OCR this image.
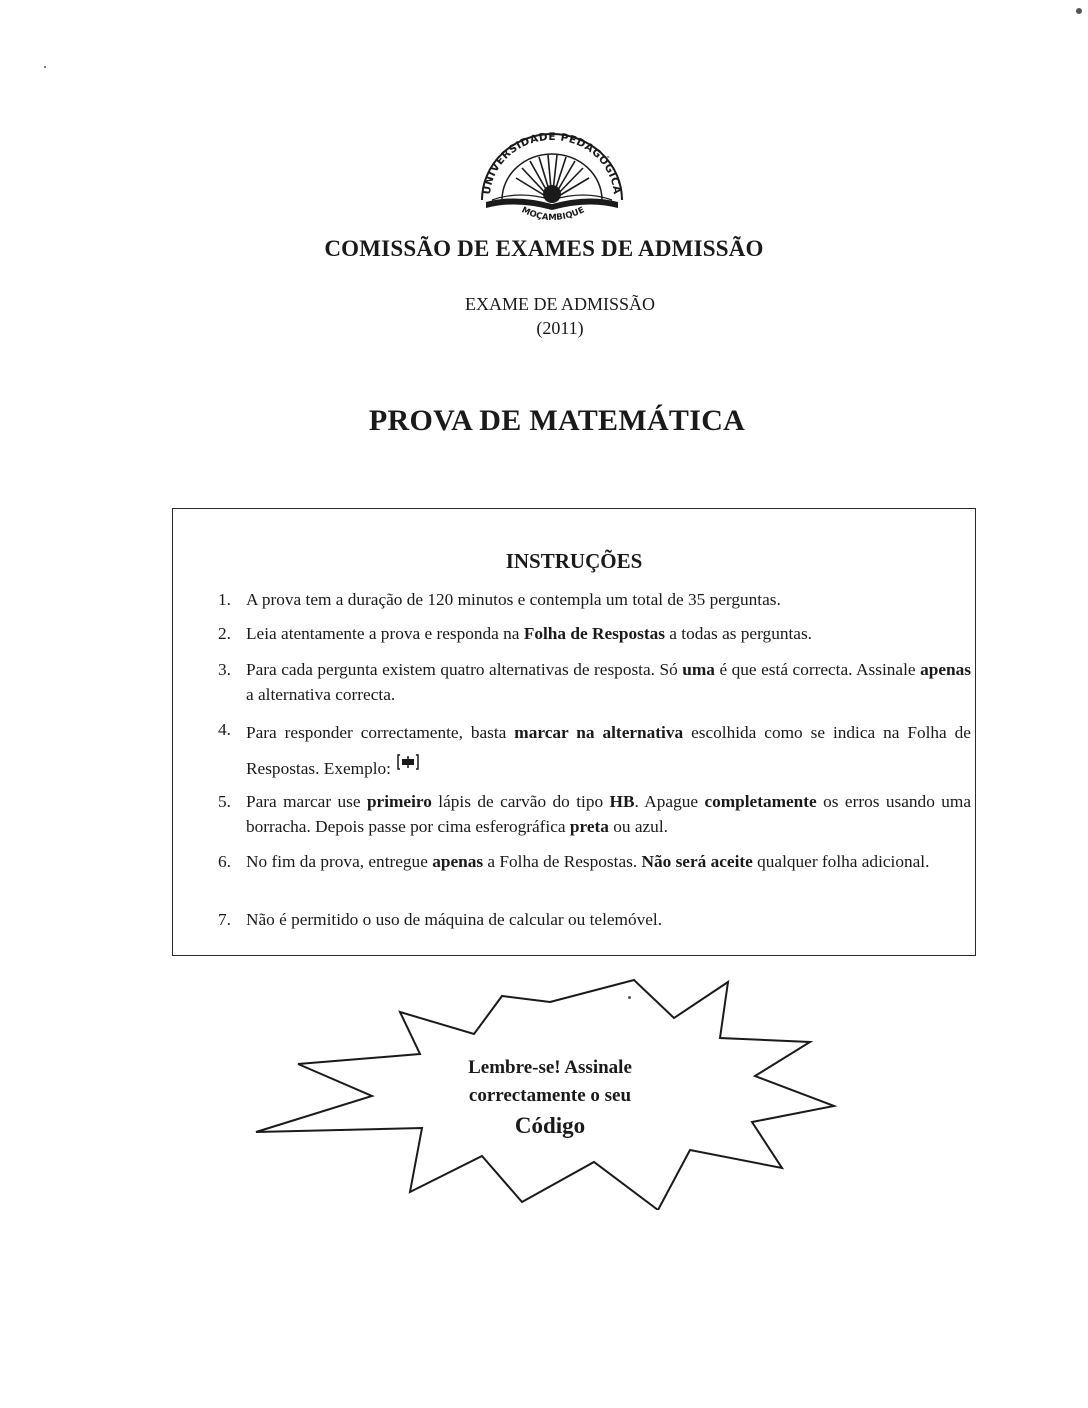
UNIVERSIDADE PEDAGÓGICA
MOÇAMBIQUE
COMISSÃO DE EXAMES DE ADMISSÃO
EXAME DE ADMISSÃO
(2011)
PROVA DE MATEMÁTICA
INSTRUÇÕES
1. A prova tem a duração de 120 minutos e contempla um total de 35 perguntas.
2. Leia atentamente a prova e responda na Folha de Respostas a todas as perguntas.
3. Para cada pergunta existem quatro alternativas de resposta. Só uma é que está correcta. Assinale apenas a alternativa correcta.
4. Para responder correctamente, basta marcar na alternativa escolhida como se indica na Folha de Respostas. Exemplo:
5. Para marcar use primeiro lápis de carvão do tipo HB. Apague completamente os erros usando uma borracha. Depois passe por cima esferográfica preta ou azul.
6. No fim da prova, entregue apenas a Folha de Respostas. Não será aceite qualquer folha adicional.
7. Não é permitido o uso de máquina de calcular ou telemóvel.
Lembre-se! Assinale
correctamente o seu
Código
